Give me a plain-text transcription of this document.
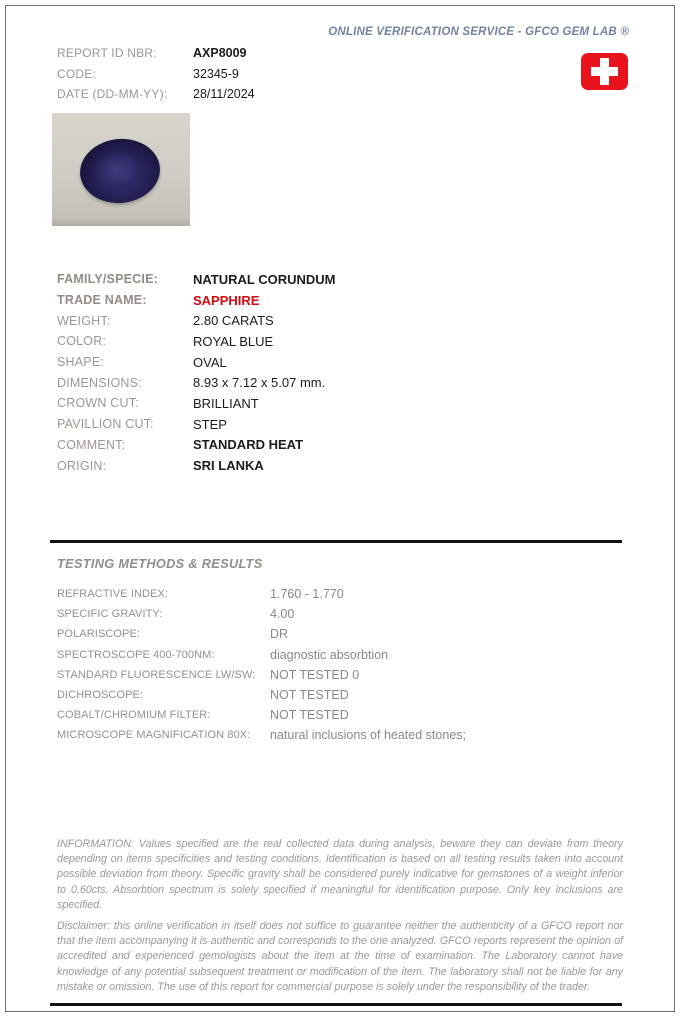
ONLINE VERIFICATION SERVICE - GFCO GEM LAB ®
REPORT ID NBR:	AXP8009
CODE:	32345-9
DATE (DD-MM-YY):	28/11/2024
FAMILY/SPECIE:	NATURAL CORUNDUM
TRADE NAME:	SAPPHIRE
WEIGHT:	2.80 CARATS
COLOR:	ROYAL BLUE
SHAPE:	OVAL
DIMENSIONS:	8.93 x 7.12 x 5.07 mm.
CROWN CUT:	BRILLIANT
PAVILLION CUT:	STEP
COMMENT:	STANDARD HEAT
ORIGIN:	SRI LANKA
TESTING METHODS & RESULTS
REFRACTIVE INDEX:	1.760 - 1.770
SPECIFIC GRAVITY:	4.00
POLARISCOPE:	DR
SPECTROSCOPE 400-700NM:	diagnostic absorbtion
STANDARD FLUORESCENCE LW/SW:	NOT TESTED 0
DICHROSCOPE:	NOT TESTED
COBALT/CHROMIUM FILTER:	NOT TESTED
MICROSCOPE MAGNIFICATION 80X:	natural inclusions of heated stones;
INFORMATION: Values specified are the real collected data during analysis, beware they can deviate from theory depending on items specificities and testing conditions. Identification is based on all testing results taken into account possible deviation from theory. Specific gravity shall be considered purely indicative for gemstones of a weight inferior to 0.60cts. Absorbtion spectrum is solely specified if meaningful for identification purpose. Only key inclusions are specified.
Disclaimer: this online verification in itself does not suffice to guarantee neither the authenticity of a GFCO report nor that the item accompanying it is authentic and corresponds to the one analyzed. GFCO reports represent the opinion of accredited and experienced gemologists about the item at the time of examination. The Laboratory cannot have knowledge of any potential subsequent treatment or modification of the item. The laboratory shall not be liable for any mistake or omission. The use of this report for commercial purpose is solely under the responsibility of the trader.
